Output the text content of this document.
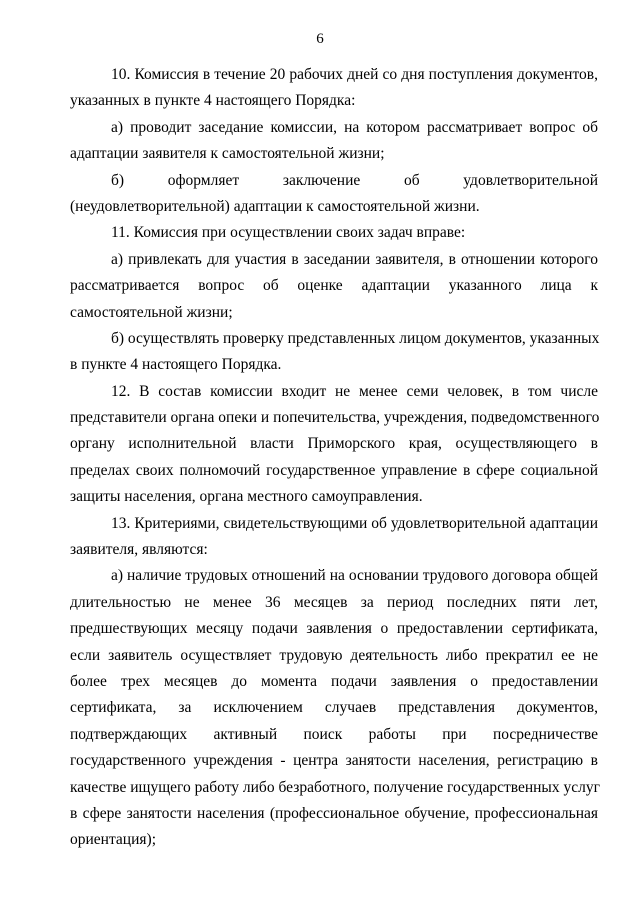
6
10. Комиссия в течение 20 рабочих дней со дня поступления документов,
указанных в пункте 4 настоящего Порядка:
а) проводит заседание комиссии, на котором рассматривает вопрос об
адаптации заявителя к самостоятельной жизни;
б) оформляет заключение об удовлетворительной
(неудовлетворительной) адаптации к самостоятельной жизни.
11. Комиссия при осуществлении своих задач вправе:
а) привлекать для участия в заседании заявителя, в отношении которого
рассматривается вопрос об оценке адаптации указанного лица к
самостоятельной жизни;
б) осуществлять проверку представленных лицом документов, указанных
в пункте 4 настоящего Порядка.
12. В состав комиссии входит не менее семи человек, в том числе
представители органа опеки и попечительства, учреждения, подведомственного
органу исполнительной власти Приморского края, осуществляющего в
пределах своих полномочий государственное управление в сфере социальной
защиты населения, органа местного самоуправления.
13. Критериями, свидетельствующими об удовлетворительной адаптации
заявителя, являются:
а) наличие трудовых отношений на основании трудового договора общей
длительностью не менее 36 месяцев за период последних пяти лет,
предшествующих месяцу подачи заявления о предоставлении сертификата,
если заявитель осуществляет трудовую деятельность либо прекратил ее не
более трех месяцев до момента подачи заявления о предоставлении
сертификата, за исключением случаев представления документов,
подтверждающих активный поиск работы при посредничестве
государственного учреждения - центра занятости населения, регистрацию в
качестве ищущего работу либо безработного, получение государственных услуг
в сфере занятости населения (профессиональное обучение, профессиональная
ориентация);
